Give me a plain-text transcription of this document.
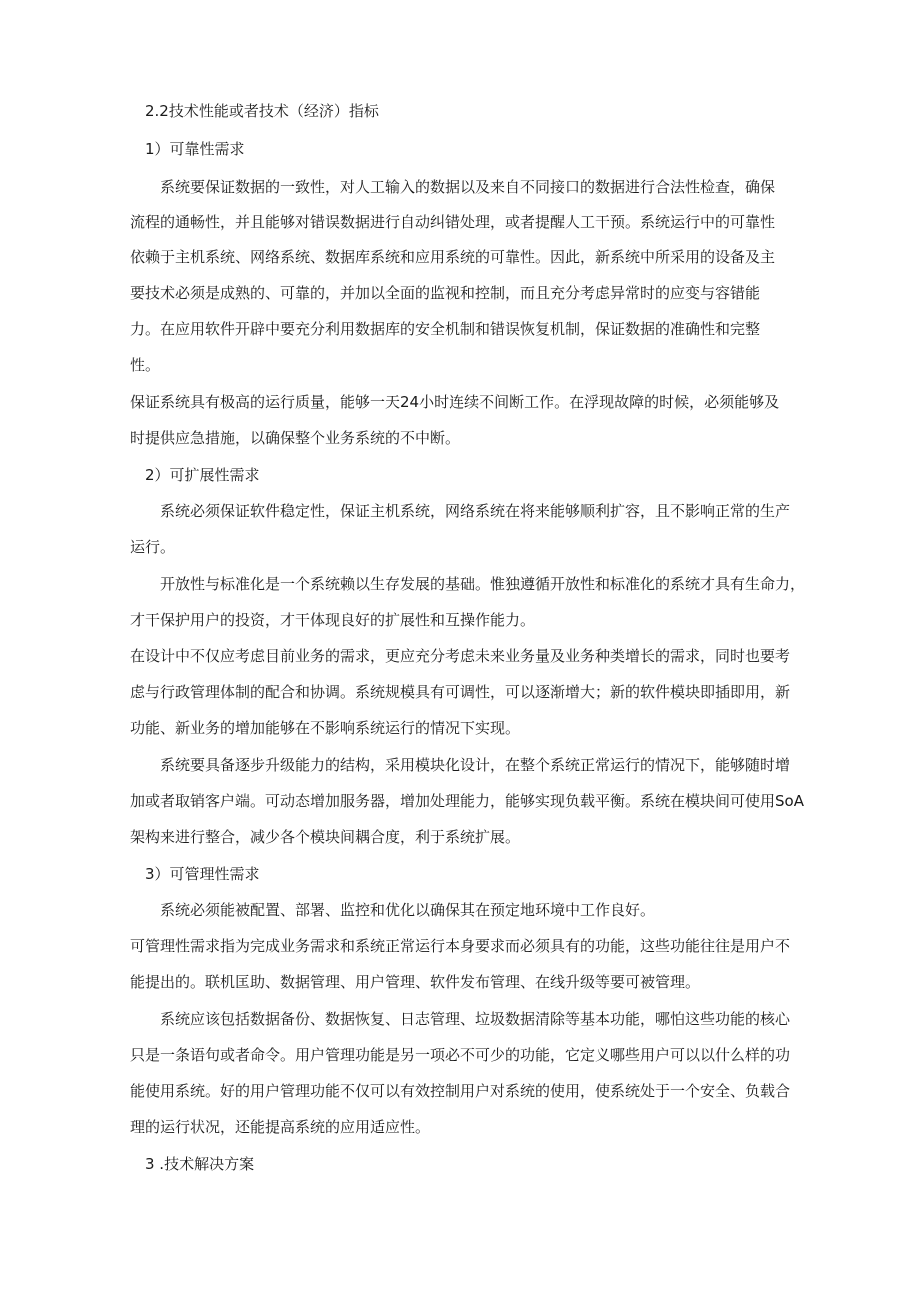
2.2技术性能或者技术（经济）指标
1）可靠性需求
系统要保证数据的一致性，对人工输入的数据以及来自不同接口的数据进行合法性检查，确保
流程的通畅性，并且能够对错误数据进行自动纠错处理，或者提醒人工干预。系统运行中的可靠性
依赖于主机系统、网络系统、数据库系统和应用系统的可靠性。因此，新系统中所采用的设备及主
要技术必须是成熟的、可靠的，并加以全面的监视和控制，而且充分考虑异常时的应变与容错能
力。在应用软件开辟中要充分利用数据库的安全机制和错误恢复机制，保证数据的准确性和完整
性。
保证系统具有极高的运行质量，能够一天24小时连续不间断工作。在浮现故障的时候，必须能够及
时提供应急措施，以确保整个业务系统的不中断。
2）可扩展性需求
系统必须保证软件稳定性，保证主机系统，网络系统在将来能够顺利扩容，且不影响正常的生产
运行。
开放性与标准化是一个系统赖以生存发展的基础。惟独遵循开放性和标准化的系统才具有生命力，
才干保护用户的投资，才干体现良好的扩展性和互操作能力。
在设计中不仅应考虑目前业务的需求，更应充分考虑未来业务量及业务种类增长的需求，同时也要考
虑与行政管理体制的配合和协调。系统规模具有可调性，可以逐渐增大；新的软件模块即插即用，新
功能、新业务的增加能够在不影响系统运行的情况下实现。
系统要具备逐步升级能力的结构，采用模块化设计，在整个系统正常运行的情况下，能够随时增
加或者取销客户端。可动态增加服务器，增加处理能力，能够实现负载平衡。系统在模块间可使用SoA
架构来进行整合，减少各个模块间耦合度，利于系统扩展。
3）可管理性需求
系统必须能被配置、部署、监控和优化以确保其在预定地环境中工作良好。
可管理性需求指为完成业务需求和系统正常运行本身要求而必须具有的功能，这些功能往往是用户不
能提出的。联机匡助、数据管理、用户管理、软件发布管理、在线升级等要可被管理。
系统应该包括数据备份、数据恢复、日志管理、垃圾数据清除等基本功能，哪怕这些功能的核心
只是一条语句或者命令。用户管理功能是另一项必不可少的功能，它定义哪些用户可以以什么样的功
能使用系统。好的用户管理功能不仅可以有效控制用户对系统的使用，使系统处于一个安全、负载合
理的运行状况，还能提高系统的应用适应性。
3 .技术解决方案
